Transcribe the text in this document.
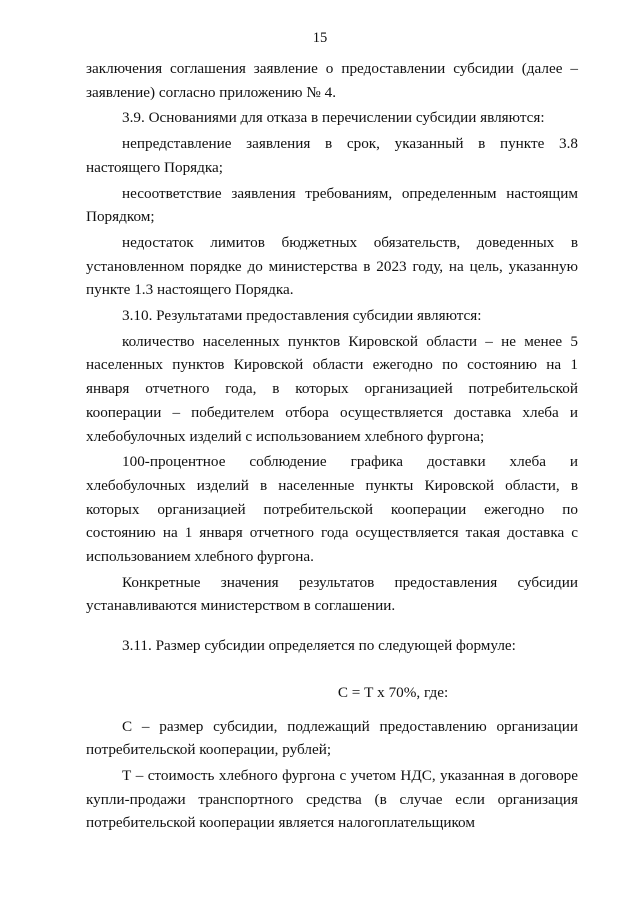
15

заключения соглашения заявление о предоставлении субсидии (далее – заявление) согласно приложению № 4.

3.9. Основаниями для отказа в перечислении субсидии являются:

непредставление заявления в срок, указанный в пункте 3.8 настоящего Порядка;

несоответствие заявления требованиям, определенным настоящим Порядком;

недостаток лимитов бюджетных обязательств, доведенных в установленном порядке до министерства в 2023 году, на цель, указанную пункте 1.3 настоящего Порядка.

3.10. Результатами предоставления субсидии являются:

количество населенных пунктов Кировской области – не менее 5 населенных пунктов Кировской области ежегодно по состоянию на 1 января отчетного года, в которых организацией потребительской кооперации – победителем отбора осуществляется доставка хлеба и хлебобулочных изделий с использованием хлебного фургона;

100-процентное соблюдение графика доставки хлеба и хлебобулочных изделий в населенные пункты Кировской области, в которых организацией потребительской кооперации ежегодно по состоянию на 1 января отчетного года осуществляется такая доставка с использованием хлебного фургона.

Конкретные значения результатов предоставления субсидии устанавливаются министерством в соглашении.

3.11. Размер субсидии определяется по следующей формуле:

С = Т х 70%, где:

С – размер субсидии, подлежащий предоставлению организации потребительской кооперации, рублей;

Т – стоимость хлебного фургона с учетом НДС, указанная в договоре купли-продажи транспортного средства (в случае если организация потребительской кооперации является налогоплательщиком
